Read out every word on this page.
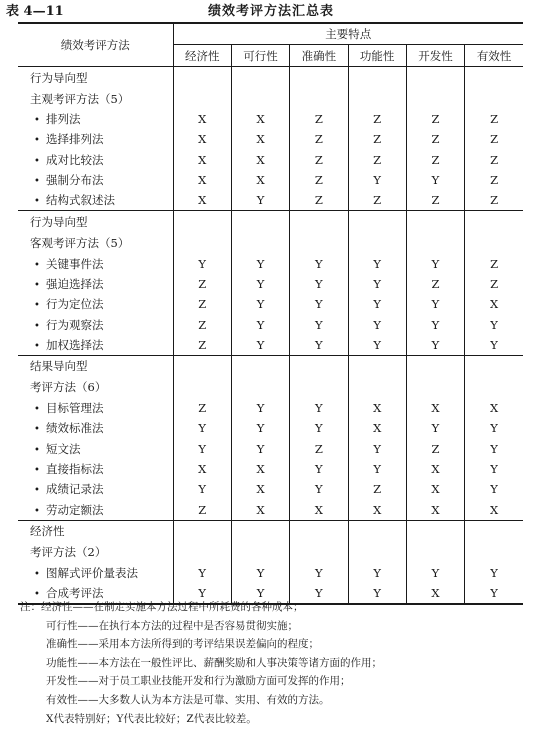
表 4—11	绩效考评方法汇总表
绩效考评方法	主要特点					
	经济性	可行性	准确性	功能性	开发性	有效性
行为导向型						
主观考评方法（5）						
• 排列法	X	X	Z	Z	Z	Z
• 选择排列法	X	X	Z	Z	Z	Z
• 成对比较法	X	X	Z	Z	Z	Z
• 强制分布法	X	X	Z	Y	Y	Z
• 结构式叙述法	X	Y	Z	Z	Z	Z
行为导向型						
客观考评方法（5）						
• 关键事件法	Y	Y	Y	Y	Y	Z
• 强迫选择法	Z	Y	Y	Y	Z	Z
• 行为定位法	Z	Y	Y	Y	Y	X
• 行为观察法	Z	Y	Y	Y	Y	Y
• 加权选择法	Z	Y	Y	Y	Y	Y
结果导向型						
考评方法（6）						
• 目标管理法	Z	Y	Y	X	X	X
• 绩效标准法	Y	Y	Y	X	Y	Y
• 短文法	Y	Y	Z	Y	Z	Y
• 直接指标法	X	X	Y	Y	X	Y
• 成绩记录法	Y	X	Y	Z	X	Y
• 劳动定额法	Z	X	X	X	X	X
经济性						
考评方法（2）						
• 图解式评价量表法	Y	Y	Y	Y	Y	Y
• 合成考评法	Y	Y	Y	Y	X	Y
注：经济性——在制定实施本方法过程中所耗费的各种成本；
可行性——在执行本方法的过程中是否容易贯彻实施；
准确性——采用本方法所得到的考评结果误差偏向的程度；
功能性——本方法在一般性评比、薪酬奖励和人事决策等诸方面的作用；
开发性——对于员工职业技能开发和行为激励方面可发挥的作用；
有效性——大多数人认为本方法是可靠、实用、有效的方法。
X代表特别好；Y代表比较好；Z代表比较差。
